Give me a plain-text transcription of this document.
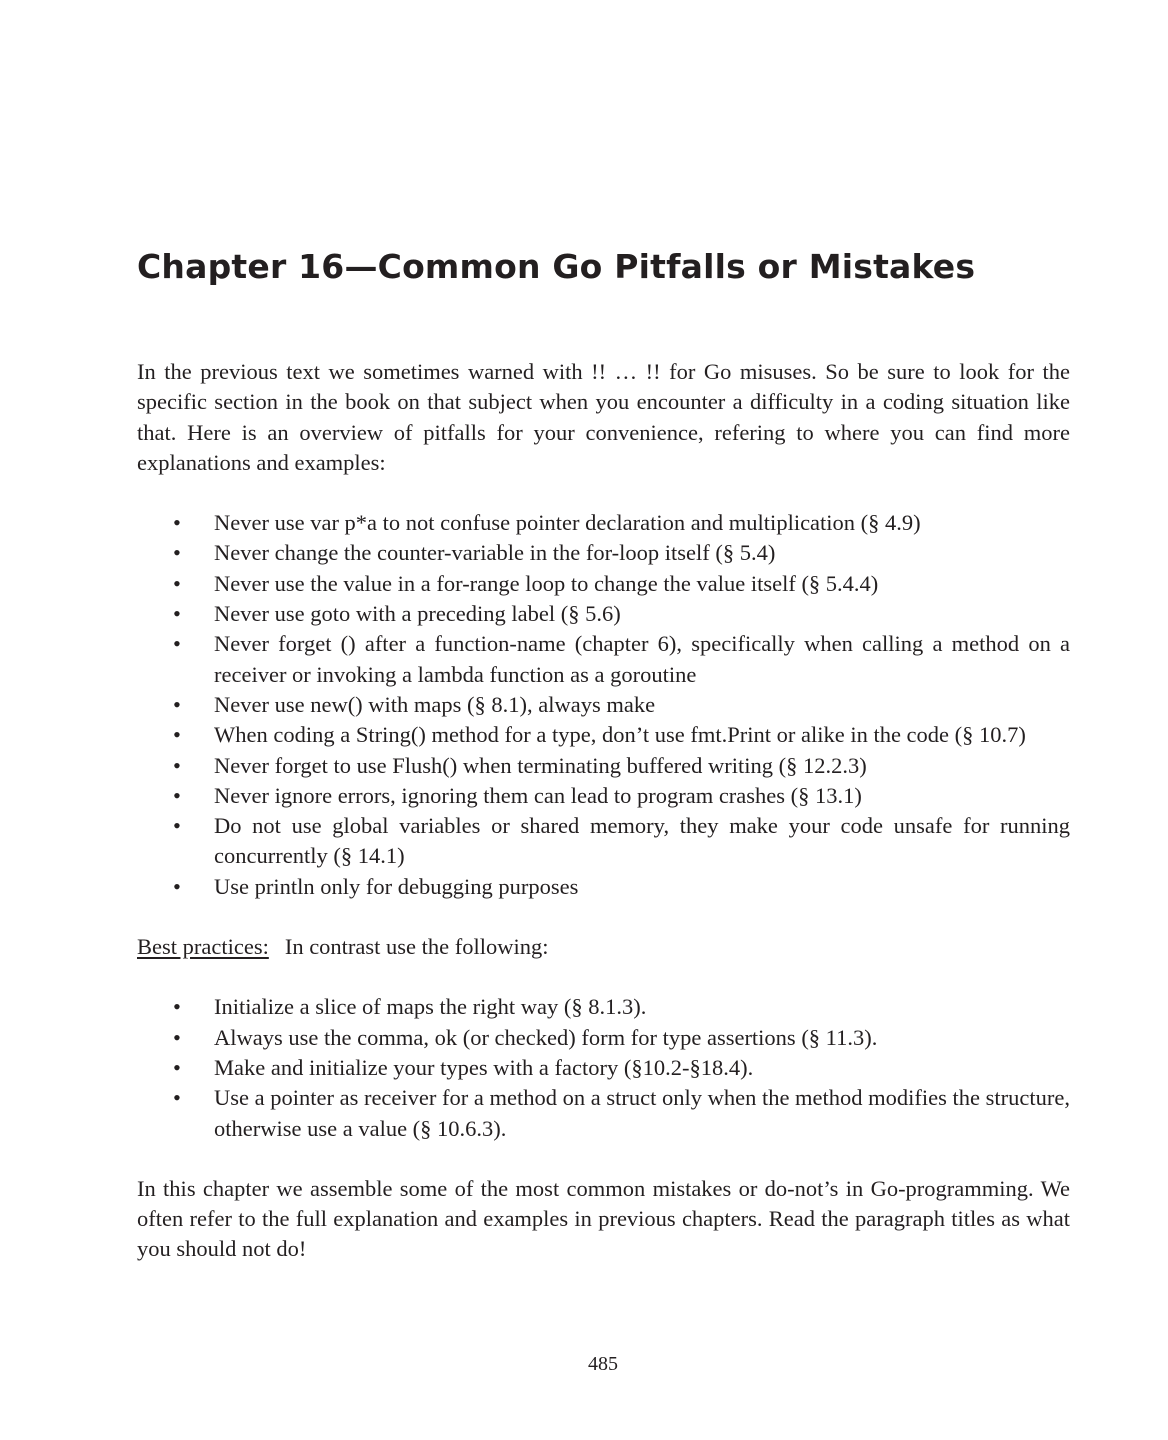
Chapter 16—Common Go Pitfalls or Mistakes

In the previous text we sometimes warned with !! … !! for Go misuses. So be sure to look for the specific section in the book on that subject when you encounter a difficulty in a coding situation like that. Here is an overview of pitfalls for your convenience, refering to where you can find more explanations and examples:

• Never use var p*a to not confuse pointer declaration and multiplication (§ 4.9)
• Never change the counter-variable in the for-loop itself (§ 5.4)
• Never use the value in a for-range loop to change the value itself (§ 5.4.4)
• Never use goto with a preceding label (§ 5.6)
• Never forget () after a function-name (chapter 6), specifically when calling a method on a receiver or invoking a lambda function as a goroutine
• Never use new() with maps (§ 8.1), always make
• When coding a String() method for a type, don’t use fmt.Print or alike in the code (§ 10.7)
• Never forget to use Flush() when terminating buffered writing (§ 12.2.3)
• Never ignore errors, ignoring them can lead to program crashes (§ 13.1)
• Do not use global variables or shared memory, they make your code unsafe for running concurrently (§ 14.1)
• Use println only for debugging purposes

Best practices: In contrast use the following:

• Initialize a slice of maps the right way (§ 8.1.3).
• Always use the comma, ok (or checked) form for type assertions (§ 11.3).
• Make and initialize your types with a factory (§10.2-§18.4).
• Use a pointer as receiver for a method on a struct only when the method modifies the structure, otherwise use a value (§ 10.6.3).

In this chapter we assemble some of the most common mistakes or do-not’s in Go-programming. We often refer to the full explanation and examples in previous chapters. Read the paragraph titles as what you should not do!

485
